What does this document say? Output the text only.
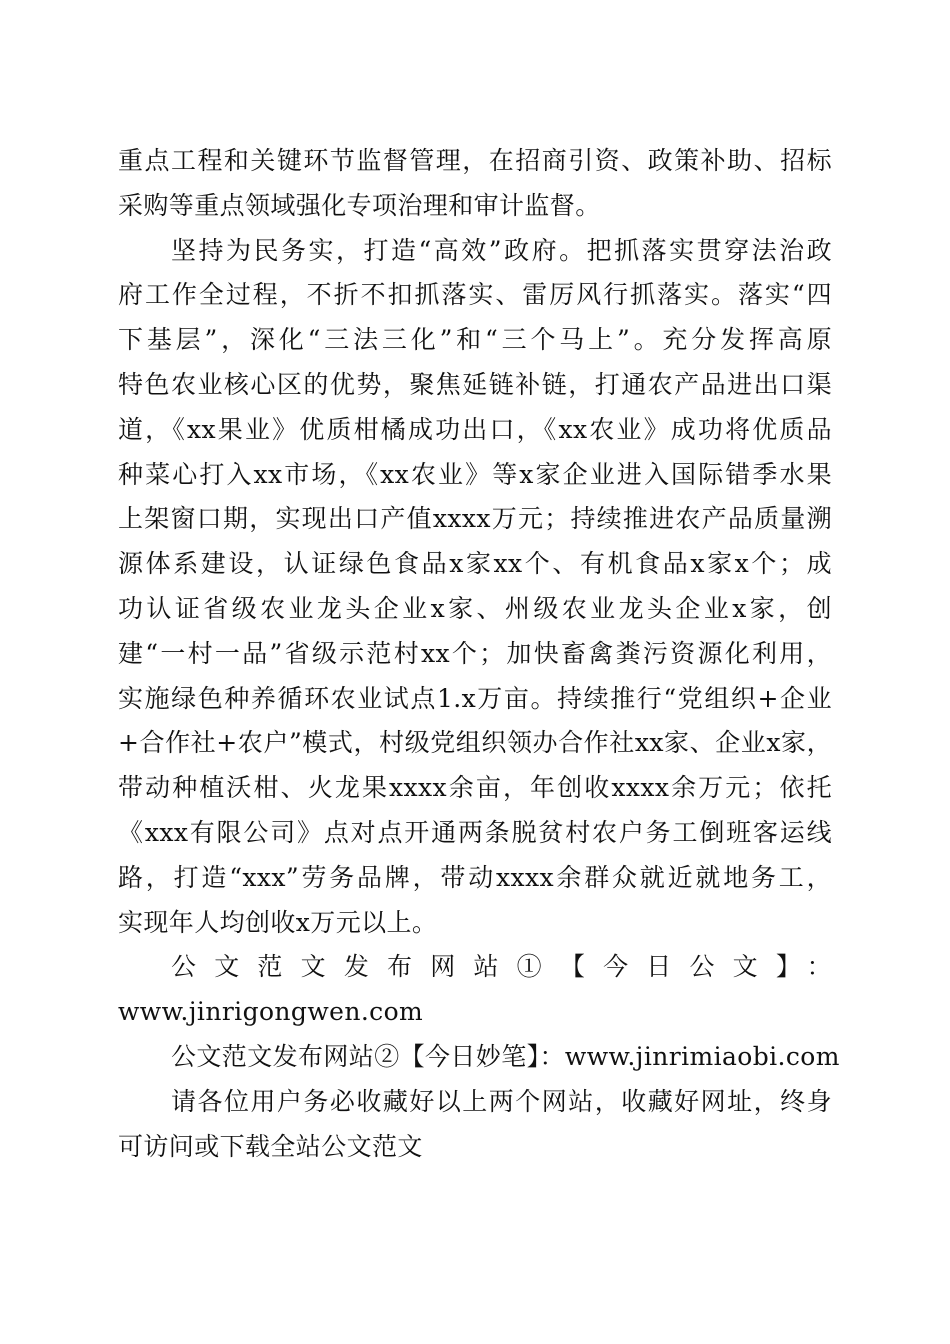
重点工程和关键环节监督管理，在招商引资、政策补助、招标
采购等重点领域强化专项治理和审计监督。
坚持为民务实，打造“高效”政府。把抓落实贯穿法治政
府工作全过程，不折不扣抓落实、雷厉风行抓落实。落实“四
下基层”，深化“三法三化”和“三个马上”。充分发挥高原
特色农业核心区的优势，聚焦延链补链，打通农产品进出口渠
道，《xx果业》优质柑橘成功出口，《xx农业》成功将优质品
种菜心打入xx市场，《xx农业》等x家企业进入国际错季水果
上架窗口期，实现出口产值xxxx万元；持续推进农产品质量溯
源体系建设，认证绿色食品x家xx个、有机食品x家x个；成
功认证省级农业龙头企业x家、州级农业龙头企业x家，创
建“一村一品”省级示范村xx个；加快畜禽粪污资源化利用，
实施绿色种养循环农业试点1.x万亩。持续推行“党组织+企业
+合作社+农户”模式，村级党组织领办合作社xx家、企业x家，
带动种植沃柑、火龙果xxxx余亩，年创收xxxx余万元；依托
《xxx有限公司》点对点开通两条脱贫村农户务工倒班客运线
路，打造“xxx”劳务品牌，带动xxxx余群众就近就地务工，
实现年人均创收x万元以上。
公文范文发布网站①【今日公文】：
www.jinrigongwen.com
公文范文发布网站②【今日妙笔】：www.jinrimiaobi.com
请各位用户务必收藏好以上两个网站，收藏好网址，终身
可访问或下载全站公文范文
